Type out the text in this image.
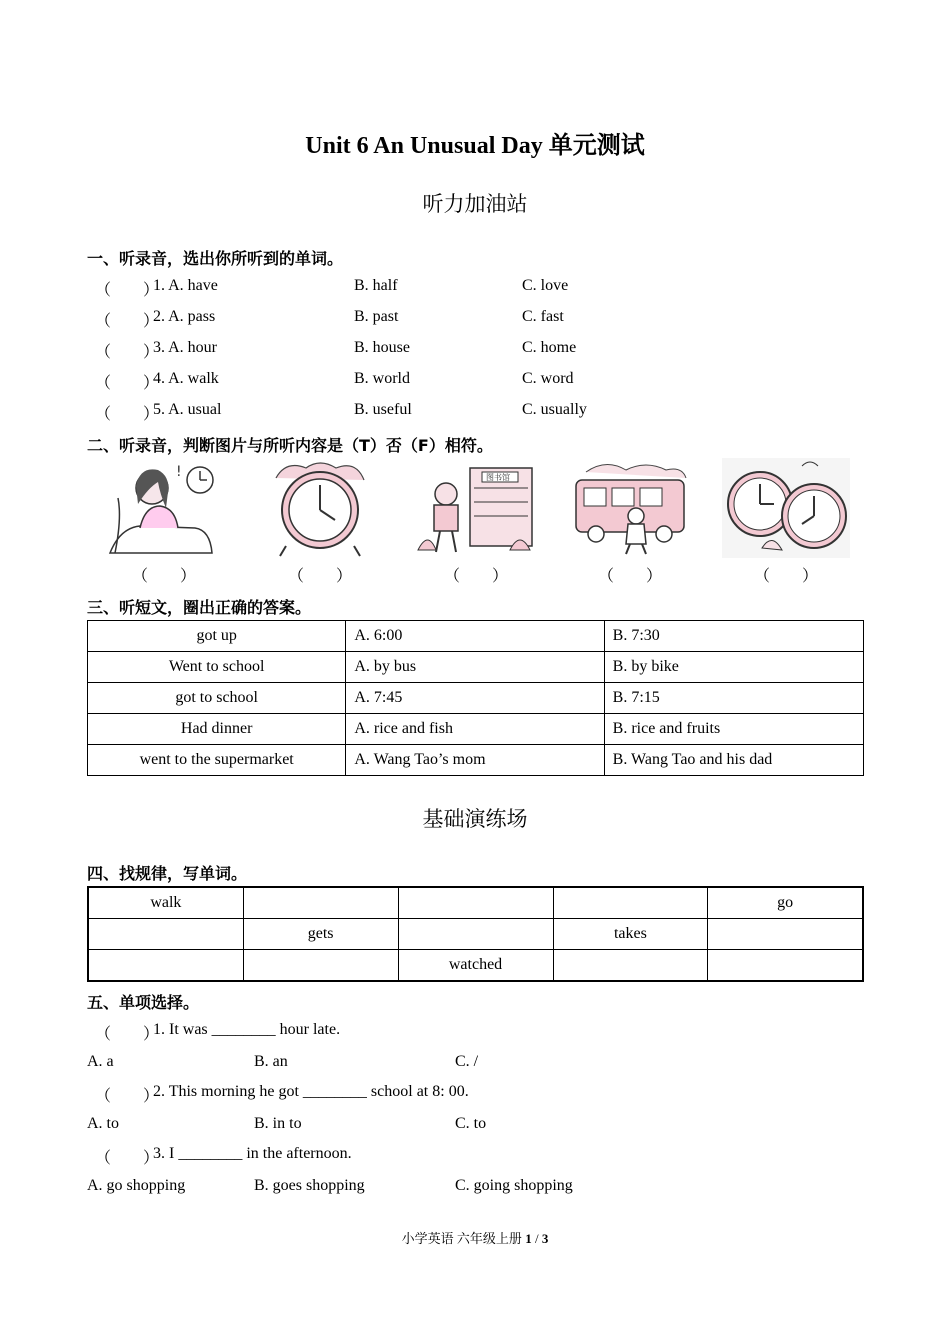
Unit 6 An Unusual Day 单元测试
听力加油站
一、听录音，选出你所听到的单词。
（　　）
1. A. have	B. half	C. love
（　　）
2. A. pass	B. past	C. fast
（　　）
3. A. hour	B. house	C. home
（　　）
4. A. walk	B. world	C. word
（　　）
5. A. usual	B. useful	C. usually
二、听录音，判断图片与所听内容是（T）否（F）相符。
!	图书馆
（　　）	（　　）	（　　）	（　　）	（　　）
三、听短文，圈出正确的答案。
got up	A. 6:00	B. 7:30
Went to school	A. by bus	B. by bike
got to school	A. 7:45	B. 7:15
Had dinner	A. rice and fish	B. rice and fruits
went to the supermarket	A. Wang Tao’s mom	B. Wang Tao and his dad
基础演练场
四、找规律，写单词。
walk				go
	gets		takes	
		watched		
五、单项选择。
（　　）
1. It was ________ hour late.
A. a	B. an	C. /
（　　）
2. This morning he got ________ school at 8: 00.
A. to	B. in to	C. to
（　　）
3. I ________ in the afternoon.
A. go shopping	B. goes shopping	C. going shopping
小学英语 六年级上册 1 / 3
